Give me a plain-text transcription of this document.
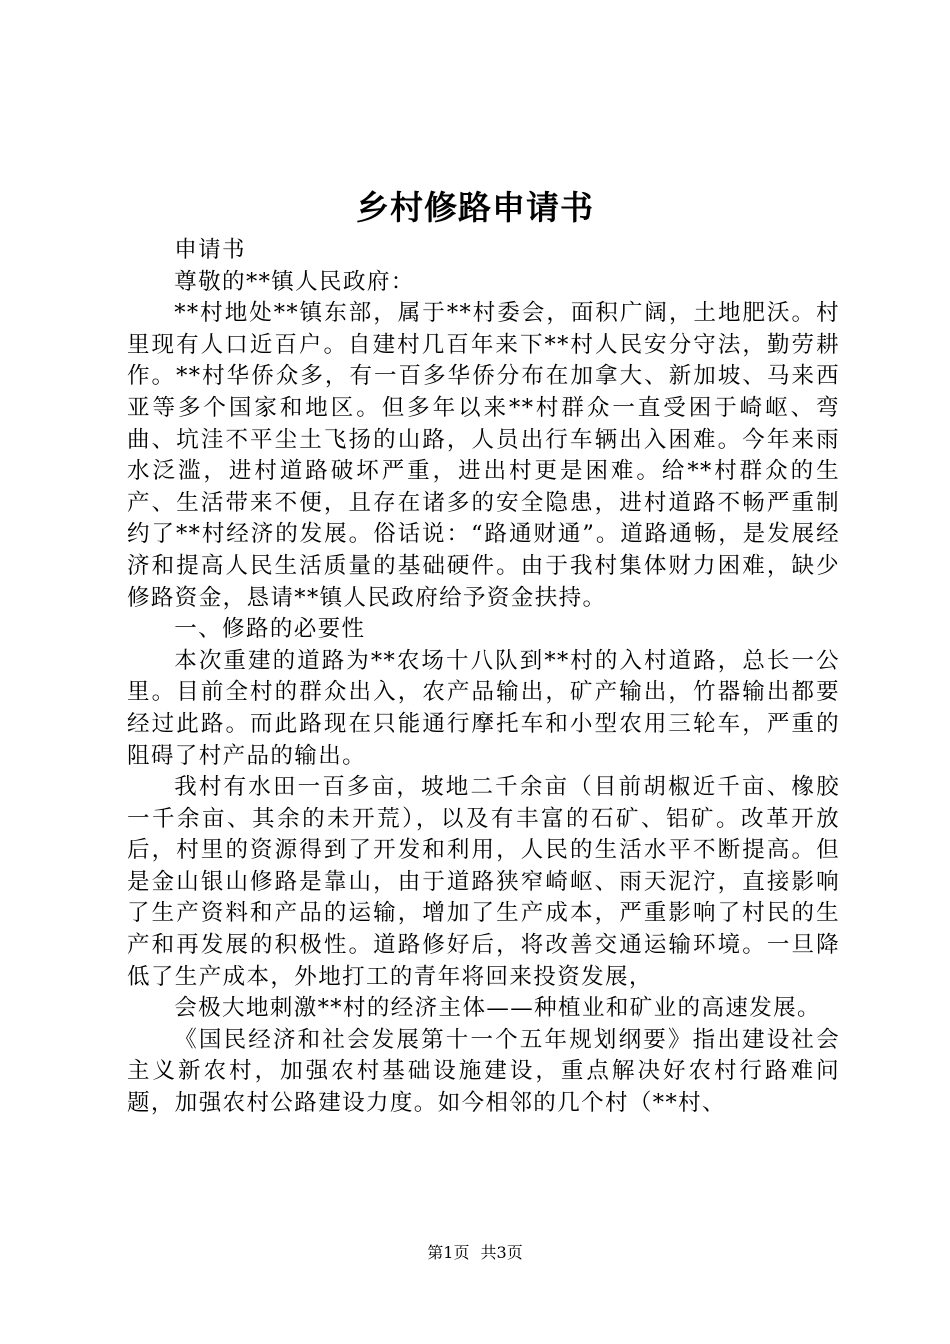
乡村修路申请书

申请书

尊敬的**镇人民政府：

**村地处**镇东部，属于**村委会，面积广阔，土地肥沃。村里现有人口近百户。自建村几百年来下**村人民安分守法，勤劳耕作。**村华侨众多，有一百多华侨分布在加拿大、新加坡、马来西亚等多个国家和地区。但多年以来**村群众一直受困于崎岖、弯曲、坑洼不平尘土飞扬的山路，人员出行车辆出入困难。今年来雨水泛滥，进村道路破坏严重，进出村更是困难。给**村群众的生产、生活带来不便，且存在诸多的安全隐患，进村道路不畅严重制约了**村经济的发展。俗话说：“路通财通”。道路通畅，是发展经济和提高人民生活质量的基础硬件。由于我村集体财力困难，缺少修路资金，恳请**镇人民政府给予资金扶持。

一、修路的必要性

本次重建的道路为**农场十八队到**村的入村道路，总长一公里。目前全村的群众出入，农产品输出，矿产输出，竹器输出都要经过此路。而此路现在只能通行摩托车和小型农用三轮车，严重的阻碍了村产品的输出。

我村有水田一百多亩，坡地二千余亩（目前胡椒近千亩、橡胶一千余亩、其余的未开荒），以及有丰富的石矿、铝矿。改革开放后，村里的资源得到了开发和利用，人民的生活水平不断提高。但是金山银山修路是靠山，由于道路狭窄崎岖、雨天泥泞，直接影响了生产资料和产品的运输，增加了生产成本，严重影响了村民的生产和再发展的积极性。道路修好后，将改善交通运输环境。一旦降低了生产成本，外地打工的青年将回来投资发展，

会极大地刺激**村的经济主体——种植业和矿业的高速发展。

《国民经济和社会发展第十一个五年规划纲要》指出建设社会主义新农村，加强农村基础设施建设，重点解决好农村行路难问题，加强农村公路建设力度。如今相邻的几个村（**村、

第1页 共3页
